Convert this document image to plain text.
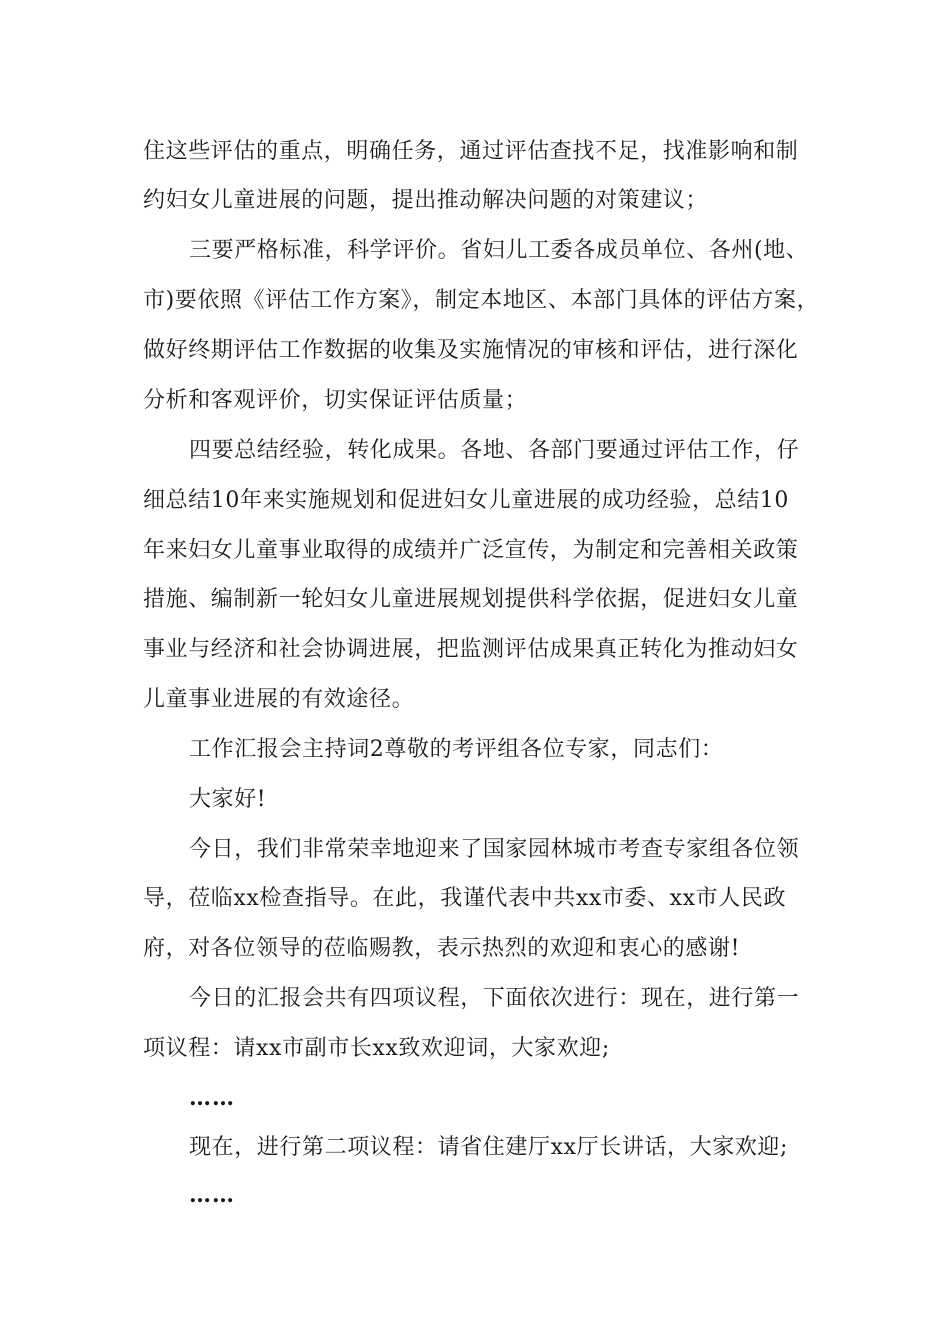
住这些评估的重点，明确任务，通过评估查找不足，找准影响和制
约妇女儿童进展的问题，提出推动解决问题的对策建议；
三要严格标准，科学评价。省妇儿工委各成员单位、各州(地、
市)要依照《评估工作方案》，制定本地区、本部门具体的评估方案，
做好终期评估工作数据的收集及实施情况的审核和评估，进行深化
分析和客观评价，切实保证评估质量；
四要总结经验，转化成果。各地、各部门要通过评估工作，仔
细总结10年来实施规划和促进妇女儿童进展的成功经验，总结10
年来妇女儿童事业取得的成绩并广泛宣传，为制定和完善相关政策
措施、编制新一轮妇女儿童进展规划提供科学依据，促进妇女儿童
事业与经济和社会协调进展，把监测评估成果真正转化为推动妇女
儿童事业进展的有效途径。
工作汇报会主持词2尊敬的考评组各位专家，同志们：
大家好!
今日，我们非常荣幸地迎来了国家园林城市考查专家组各位领
导，莅临xx检查指导。在此，我谨代表中共xx市委、xx市人民政
府，对各位领导的莅临赐教，表示热烈的欢迎和衷心的感谢!
今日的汇报会共有四项议程，下面依次进行：现在，进行第一
项议程：请xx市副市长xx致欢迎词，大家欢迎;
……
现在，进行第二项议程：请省住建厅xx厅长讲话，大家欢迎;
……
